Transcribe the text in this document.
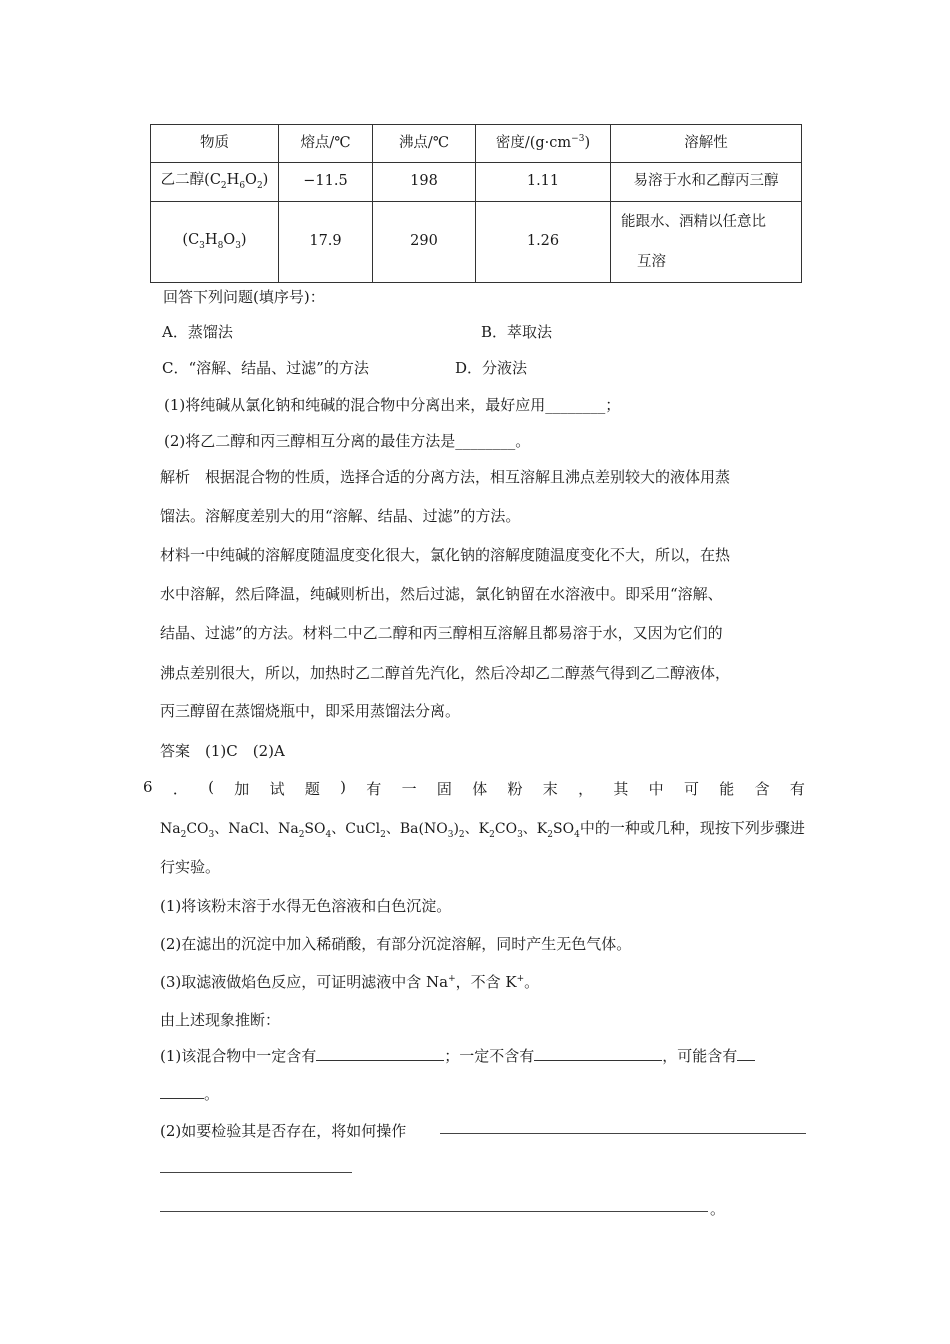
物质	熔点/℃	沸点/℃	密度$/(g\cdot cm^{-3})$	溶解性
乙二醇$(C_2H_6O_2)$	−11.5	198	1.11	易溶于水和乙醇丙三醇
$(C_3H_8O_3)$	17.9	290	1.26	能跟水、酒精以任意比
互溶
回答下列问题(填序号)：
A．蒸馏法	B．萃取法
C．“溶解、结晶、过滤”的方法	D．分液法
(1)将纯碱从氯化钠和纯碱的混合物中分离出来，最好应用________；
(2)将乙二醇和丙三醇相互分离的最佳方法是________。
解析　根据混合物的性质，选择合适的分离方法，相互溶解且沸点差别较大的液体用蒸
馏法。溶解度差别大的用“溶解、结晶、过滤”的方法。
材料一中纯碱的溶解度随温度变化很大，氯化钠的溶解度随温度变化不大，所以，在热
水中溶解，然后降温，纯碱则析出，然后过滤，氯化钠留在水溶液中。即采用“溶解、
结晶、过滤”的方法。材料二中乙二醇和丙三醇相互溶解且都易溶于水，又因为它们的
沸点差别很大，所以，加热时乙二醇首先汽化，然后冷却乙二醇蒸气得到乙二醇液体，
丙三醇留在蒸馏烧瓶中，即采用蒸馏法分离。
答案　(1)C　(2)A
6 ． ( 加 试 题 ) 有 一 固 体 粉 末 ， 其 中 可 能 含 有
$Na_2CO_3$、NaCl、$Na_2SO_4$、CuCl$_2$、$Ba(NO_3)_2$、$K_2CO_3$、$K_2SO_4$中的一种或几种，现按下列步骤进
行实验。
(1)将该粉末溶于水得无色溶液和白色沉淀。
(2)在滤出的沉淀中加入稀硝酸，有部分沉淀溶解，同时产生无色气体。
(3)取滤液做焰色反应，可证明滤液中含 Na+，不含 K+。
由上述现象推断：
(1)该混合物中一定含有	；一定不含有	，可能含有
。
(2)如要检验其是否存在，将如何操作
。
